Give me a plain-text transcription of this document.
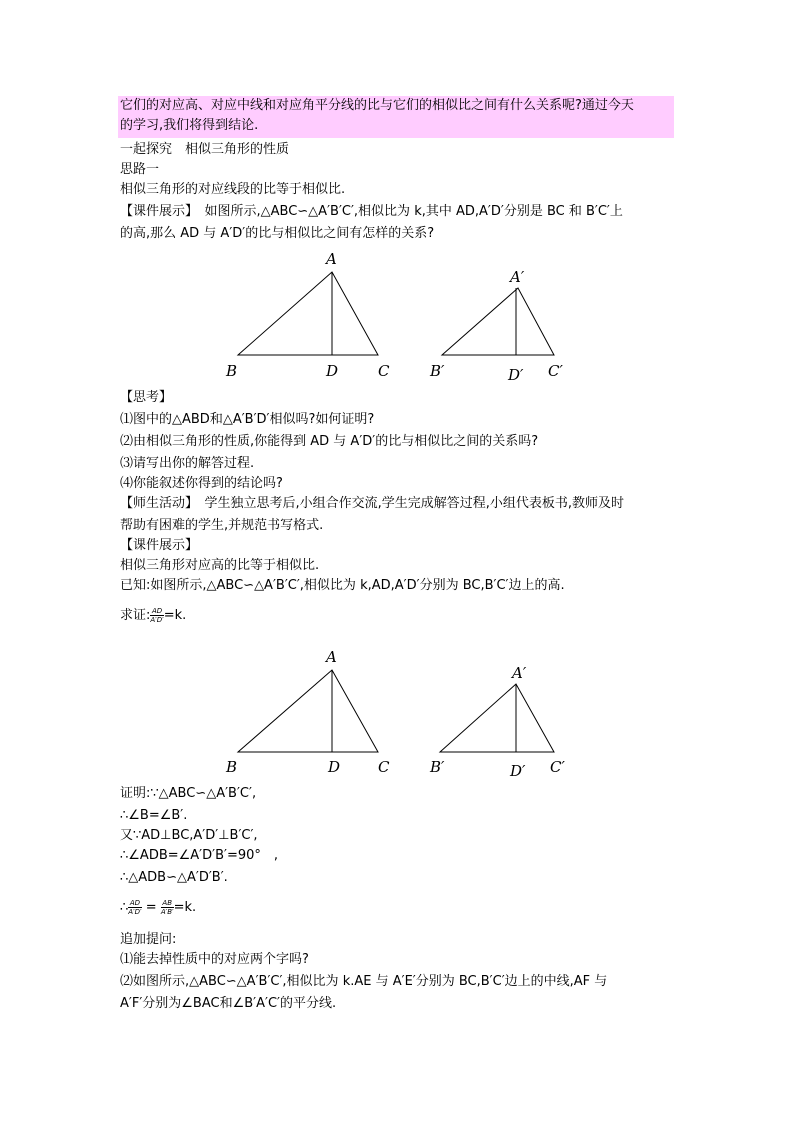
它们的对应高、对应中线和对应角平分线的比与它们的相似比之间有什么关系呢?通过今天
的学习,我们将得到结论.
一起探究　相似三角形的性质
思路一
相似三角形的对应线段的比等于相似比.
【课件展示】　如图所示,△ABC∽△A′B′C′,相似比为 k,其中 AD,A′D′分别是 BC 和 B′C′上
的高,那么 AD 与 A′D′的比与相似比之间有怎样的关系?
A
B	D	C
A′
B′	D′ C′
【思考】
⑴图中的△ABD和△A′B′D′相似吗?如何证明?
⑵由相似三角形的性质,你能得到 AD 与 A′D′的比与相似比之间的关系吗?
⑶请写出你的解答过程.
⑷你能叙述你得到的结论吗?
【师生活动】　学生独立思考后,小组合作交流,学生完成解答过程,小组代表板书,教师及时
帮助有困难的学生,并规范书写格式.
【课件展示】
相似三角形对应高的比等于相似比.
已知:如图所示,△ABC∽△A′B′C′,相似比为 k,AD,A′D′分别为 BC,B′C′边上的高.
求证: $\frac{AD}{A'D'} =k$.
A
B	D	C
A′
B′	D′ C′
证明:∵△ABC∽△A′B′C′,
∴∠B=∠B′.
又∵AD⊥BC,A′D′⊥B′C′,
∴∠ADB=∠A′D′B′=90°　,
∴△ADB∽△A′D′B′.
∴ $\frac{AD}{A'D'} = \frac{AB}{A'B'} =k$.
追加提问:
⑴能去掉性质中的对应两个字吗?
⑵如图所示,△ABC∽△A′B′C′,相似比为 k.AE 与 A′E′分别为 BC,B′C′边上的中线,AF 与
A′F′分别为∠BAC和∠B′A′C′的平分线.
